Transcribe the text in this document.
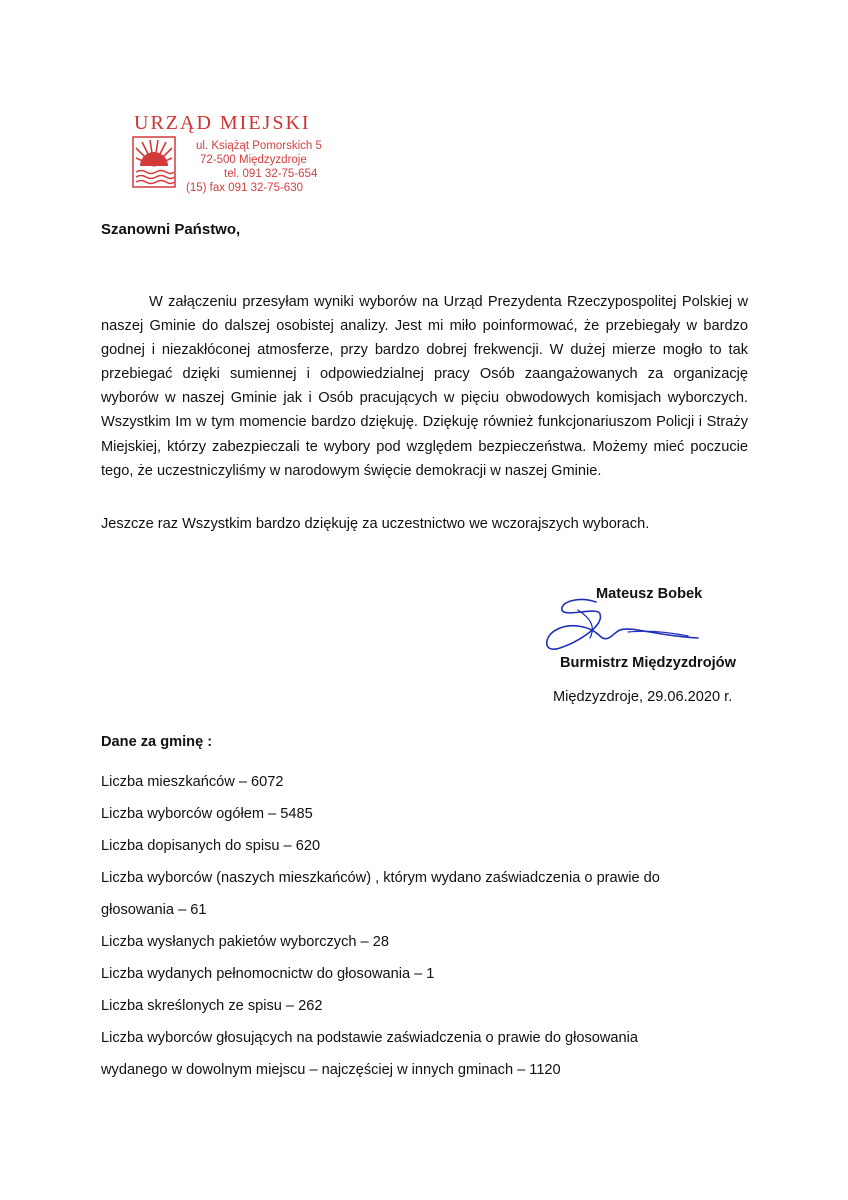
URZĄD MIEJSKI
ul. Książąt Pomorskich 5
72-500 Międzyzdroje
tel. 091 32-75-654
(15) fax 091 32-75-630
Szanowni Państwo,

W załączeniu przesyłam wyniki wyborów na Urząd Prezydenta Rzeczypospolitej Polskiej w naszej Gminie do dalszej osobistej analizy. Jest mi miło poinformować, że przebiegały w bardzo godnej i niezakłóconej atmosferze, przy bardzo dobrej frekwencji. W dużej mierze mogło to tak przebiegać dzięki sumiennej i odpowiedzialnej pracy Osób zaangażowanych za organizację wyborów w naszej Gminie jak i Osób pracujących w pięciu obwodowych komisjach wyborczych. Wszystkim Im w tym momencie bardzo dziękuję. Dziękuję również funkcjonariuszom Policji i Straży Miejskiej, którzy zabezpieczali te wybory pod względem bezpieczeństwa. Możemy mieć poczucie tego, że uczestniczyliśmy w narodowym święcie demokracji w naszej Gminie.

Jeszcze raz Wszystkim bardzo dziękuję za uczestnictwo we wczorajszych wyborach.
Mateusz Bobek
Burmistrz Międzyzdrojów
Międzyzdroje, 29.06.2020 r.
Dane za gminę :
Liczba mieszkańców – 6072
Liczba wyborców ogółem – 5485
Liczba dopisanych do spisu – 620
Liczba wyborców (naszych mieszkańców) , którym wydano zaświadczenia o prawie do
głosowania – 61
Liczba wysłanych pakietów wyborczych – 28
Liczba wydanych pełnomocnictw do głosowania – 1
Liczba skreślonych ze spisu – 262
Liczba wyborców głosujących na podstawie zaświadczenia o prawie do głosowania
wydanego w dowolnym miejscu – najczęściej w innych gminach – 1120
